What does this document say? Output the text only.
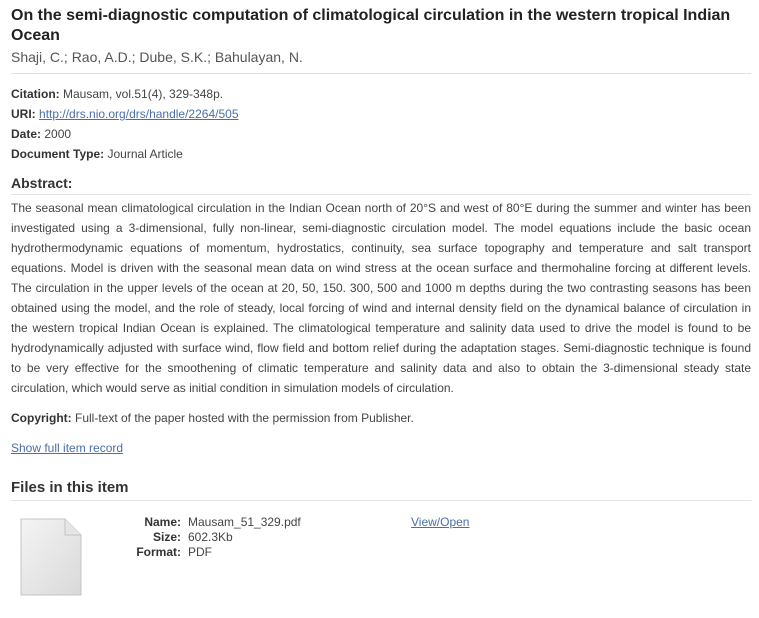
On the semi-diagnostic computation of climatological circulation in the western tropical Indian Ocean
Shaji, C.; Rao, A.D.; Dube, S.K.; Bahulayan, N.
Citation: Mausam, vol.51(4), 329-348p.
URI: http://drs.nio.org/drs/handle/2264/505
Date: 2000
Document Type: Journal Article
Abstract:

The seasonal mean climatological circulation in the Indian Ocean north of 20°S and west of 80°E during the summer and winter has been investigated using a 3-dimensional, fully non-linear, semi-diagnostic circulation model. The model equations include the basic ocean hydrothermodynamic equations of momentum, hydrostatics, continuity, sea surface topography and temperature and salt transport equations. Model is driven with the seasonal mean data on wind stress at the ocean surface and thermohaline forcing at different levels. The circulation in the upper levels of the ocean at 20, 50, 150. 300, 500 and 1000 m depths during the two contrasting seasons has been obtained using the model, and the role of steady, local forcing of wind and internal density field on the dynamical balance of circulation in the western tropical Indian Ocean is explained. The climatological temperature and salinity data used to drive the model is found to be hydrodynamically adjusted with surface wind, flow field and bottom relief during the adaptation stages. Semi-diagnostic technique is found to be very effective for the smoothening of climatic temperature and salinity data and also to obtain the 3-dimensional steady state circulation, which would serve as initial condition in simulation models of circulation.

Copyright: Full-text of the paper hosted with the permission from Publisher.
Show full item record
Files in this item
Name: Mausam_51_329.pdf
Size: 602.3Kb
Format: PDF
View/Open
